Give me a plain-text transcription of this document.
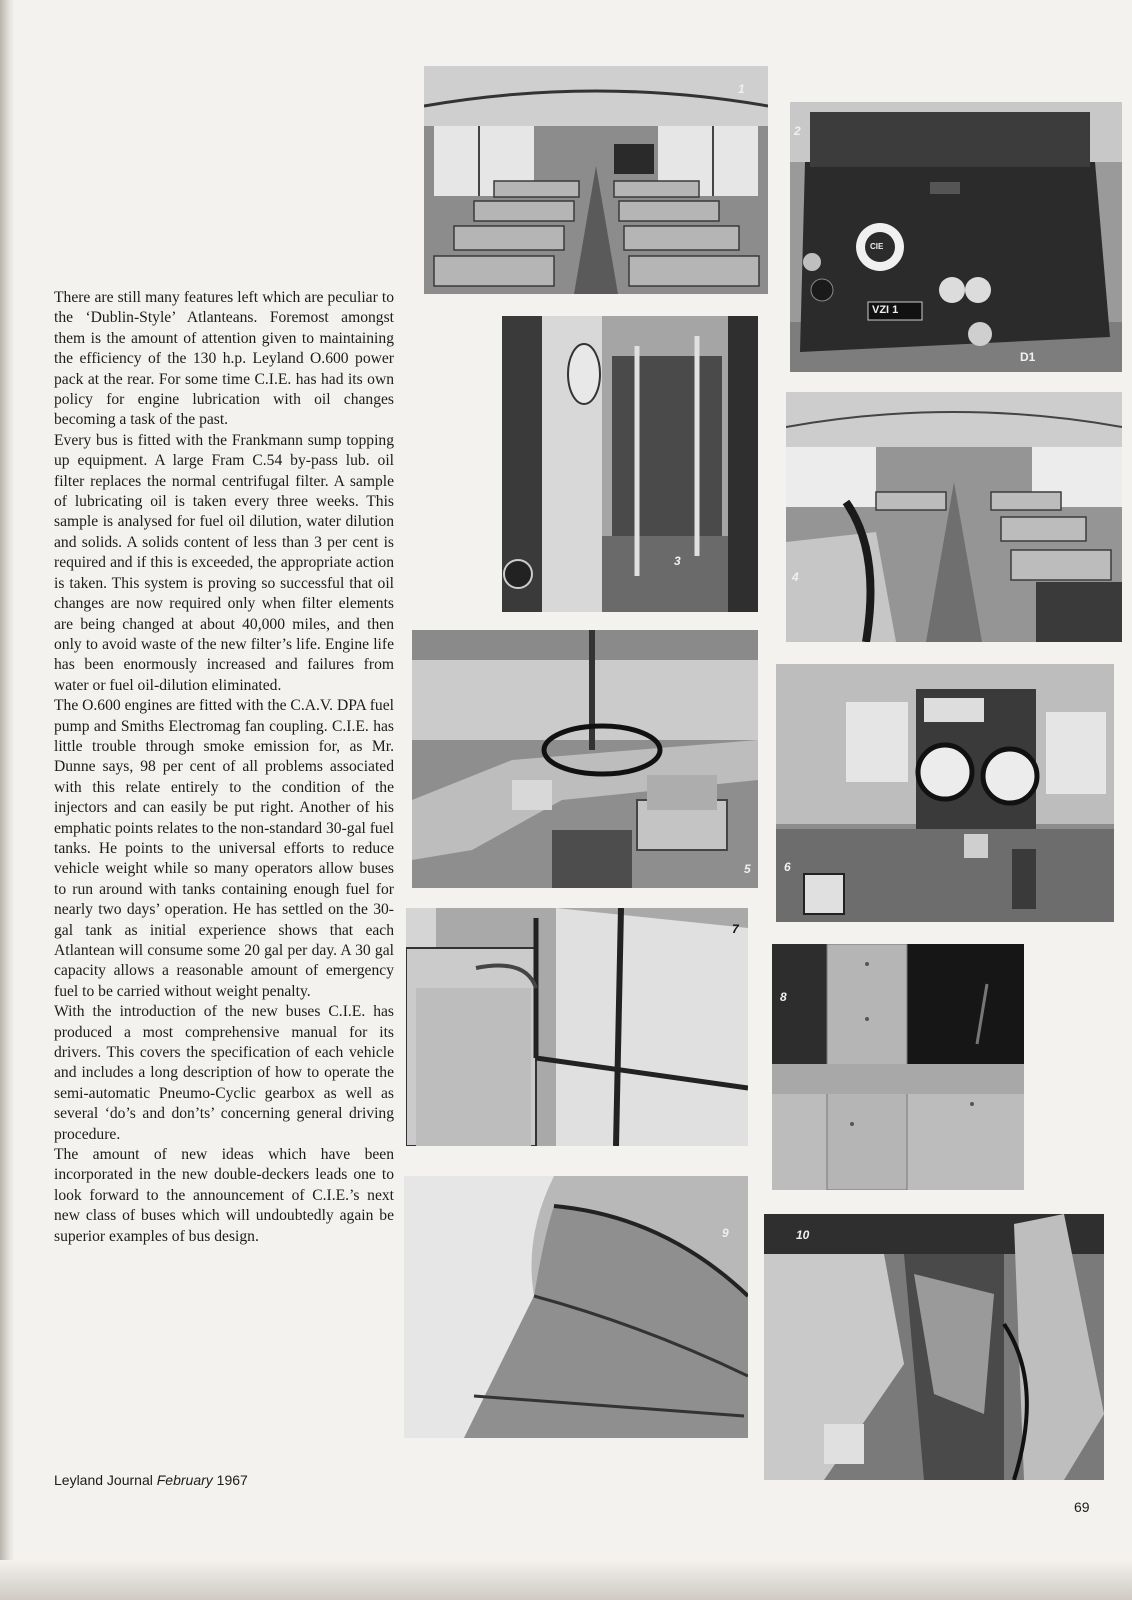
There are still many features left which are peculiar to the ‘Dublin-Style’ Atlanteans. Foremost amongst them is the amount of attention given to maintaining the efficiency of the 130 h.p. Leyland O.600 power pack at the rear. For some time C.I.E. has had its own policy for engine lubrication with oil changes becoming a task of the past.

Every bus is fitted with the Frankmann sump topping up equipment. A large Fram C.54 by-pass lub. oil filter replaces the normal centrifugal filter. A sample of lubricating oil is taken every three weeks. This sample is analysed for fuel oil dilution, water dilution and solids. A solids content of less than 3 per cent is required and if this is exceeded, the appropriate action is taken. This system is proving so successful that oil changes are now required only when filter elements are being changed at about 40,000 miles, and then only to avoid waste of the new filter’s life. Engine life has been enormously increased and failures from water or fuel oil-dilution eliminated.

The O.600 engines are fitted with the C.A.V. DPA fuel pump and Smiths Electromag fan coupling. C.I.E. has little trouble through smoke emission for, as Mr. Dunne says, 98 per cent of all problems associated with this relate entirely to the condition of the injectors and can easily be put right. Another of his emphatic points relates to the non-standard 30-gal fuel tanks. He points to the universal efforts to reduce vehicle weight while so many operators allow buses to run around with tanks containing enough fuel for nearly two days’ operation. He has settled on the 30-gal tank as initial experience shows that each Atlantean will consume some 20 gal per day. A 30 gal capacity allows a reasonable amount of emergency fuel to be carried without weight penalty.

With the introduction of the new buses C.I.E. has produced a most comprehensive manual for its drivers. This covers the specification of each vehicle and includes a long description of how to operate the semi-automatic Pneumo-Cyclic gearbox as well as several ‘do’s and don’ts’ concerning general driving procedure.

The amount of new ideas which have been incorporated in the new double-deckers leads one to look forward to the announcement of C.I.E.’s next new class of buses which will undoubtedly again be superior examples of bus design.

1
2
CIE
VZI 1
D1
3
4
5	6
7
8
9	10
Leyland Journal February 1967
69
